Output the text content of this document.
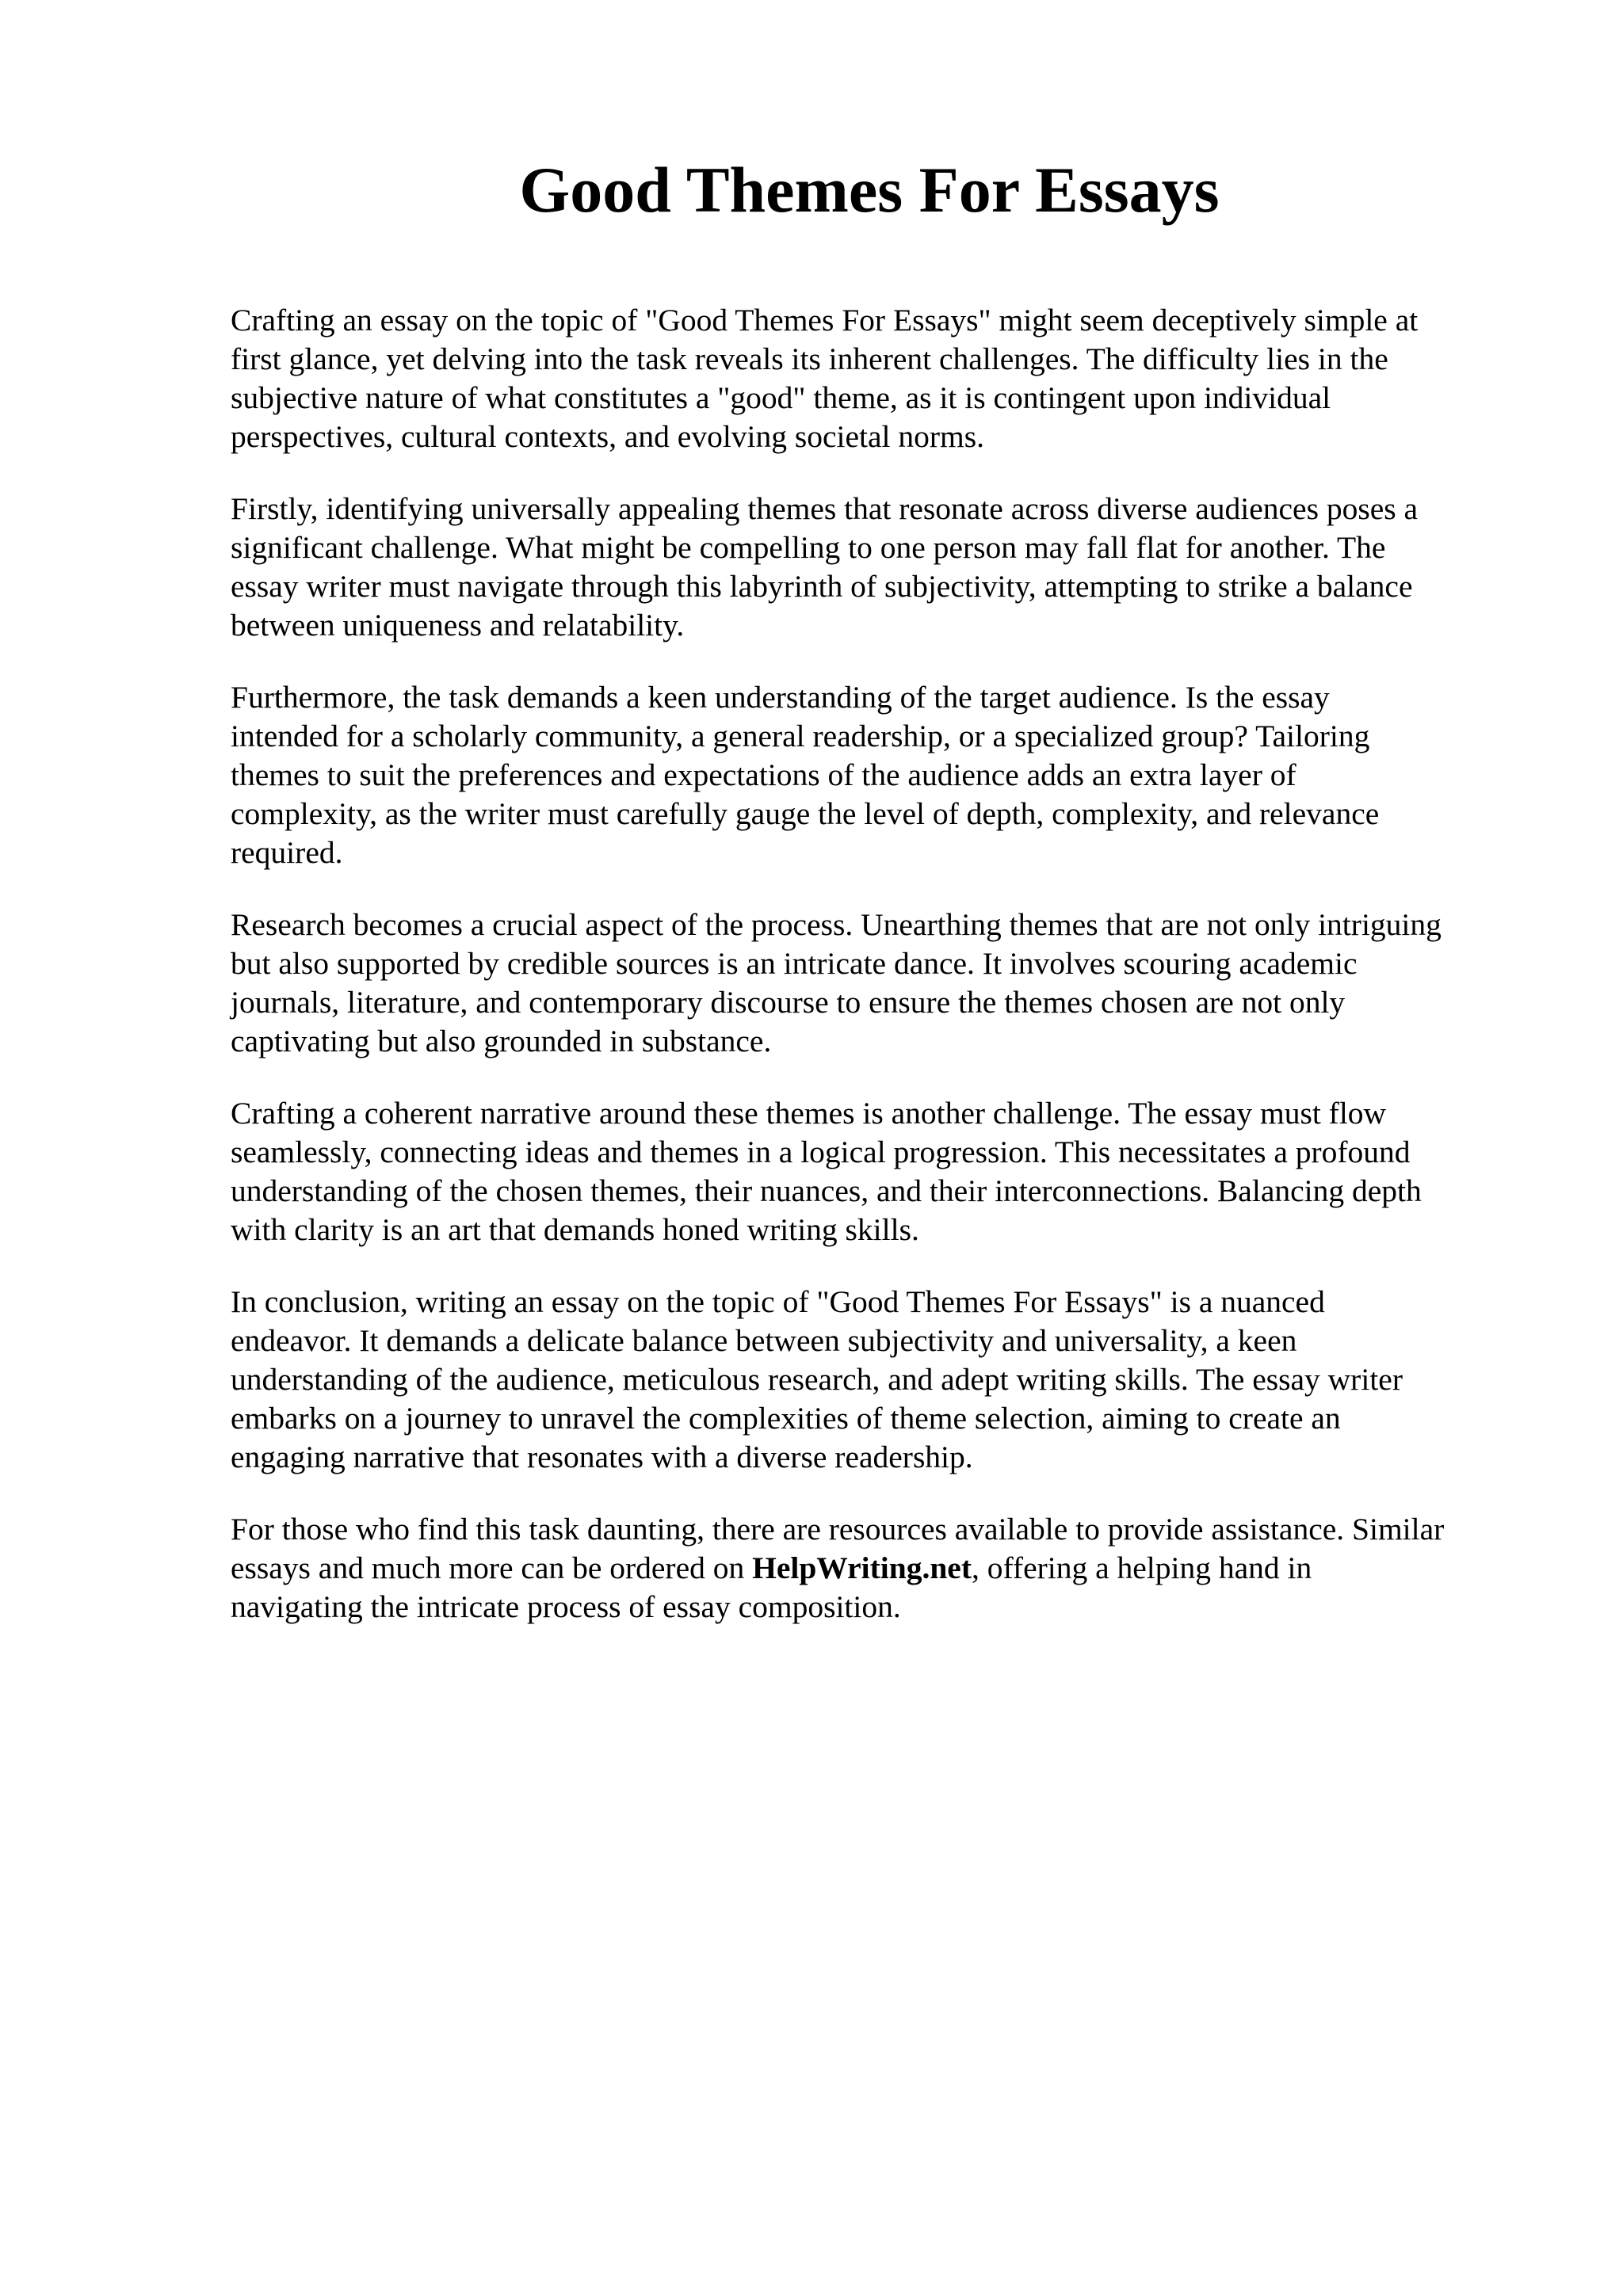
Good Themes For Essays

Crafting an essay on the topic of "Good Themes For Essays" might seem deceptively simple at
first glance, yet delving into the task reveals its inherent challenges. The difficulty lies in the
subjective nature of what constitutes a "good" theme, as it is contingent upon individual
perspectives, cultural contexts, and evolving societal norms.

Firstly, identifying universally appealing themes that resonate across diverse audiences poses a
significant challenge. What might be compelling to one person may fall flat for another. The
essay writer must navigate through this labyrinth of subjectivity, attempting to strike a balance
between uniqueness and relatability.

Furthermore, the task demands a keen understanding of the target audience. Is the essay
intended for a scholarly community, a general readership, or a specialized group? Tailoring
themes to suit the preferences and expectations of the audience adds an extra layer of
complexity, as the writer must carefully gauge the level of depth, complexity, and relevance
required.

Research becomes a crucial aspect of the process. Unearthing themes that are not only intriguing
but also supported by credible sources is an intricate dance. It involves scouring academic
journals, literature, and contemporary discourse to ensure the themes chosen are not only
captivating but also grounded in substance.

Crafting a coherent narrative around these themes is another challenge. The essay must flow
seamlessly, connecting ideas and themes in a logical progression. This necessitates a profound
understanding of the chosen themes, their nuances, and their interconnections. Balancing depth
with clarity is an art that demands honed writing skills.

In conclusion, writing an essay on the topic of "Good Themes For Essays" is a nuanced
endeavor. It demands a delicate balance between subjectivity and universality, a keen
understanding of the audience, meticulous research, and adept writing skills. The essay writer
embarks on a journey to unravel the complexities of theme selection, aiming to create an
engaging narrative that resonates with a diverse readership.

For those who find this task daunting, there are resources available to provide assistance. Similar
essays and much more can be ordered on HelpWriting.net, offering a helping hand in
navigating the intricate process of essay composition.
